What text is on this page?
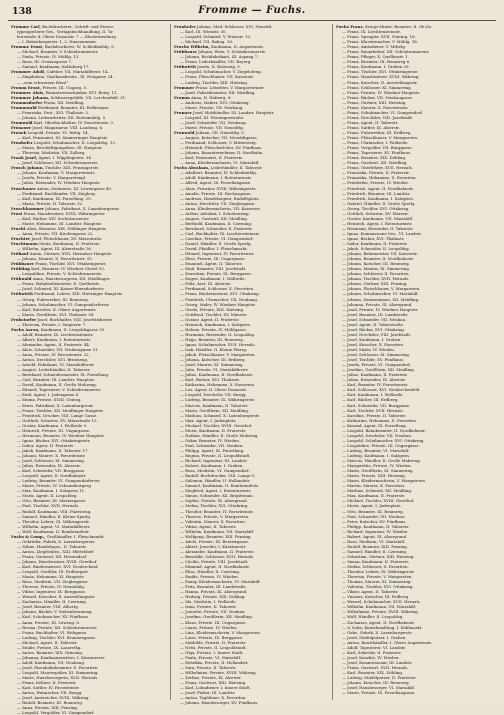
138	Fromme — Fuchs.
Fromme Carl, Buchdruckerei-, Schrift- und Stereo-
typengießerei-Ges., Verlagsbuchhandlung, II. Ta-
borstraße 4, Obere Donaustr. 7 — Klosterneuburg
— I. Babenbergerstr. 1, 2. Hausnummer
Fromme Ernst, Buchdruckerei, IV. Schleifmühlg. 9.
— Michael, Beamter, V. Schönbrunnerstr.
— Paula, Private, IV. Mühlg. 13.
— Rosa, III. Geusaugasse 7.
— Samuel, Kaufmann, Kalksburg 17.
Frommer Adolf, Cafetier, VII. Mariahilferstr. 14.
— Magdalena, Gasthausbesitz., XI. Neugasse 24.
— „zum schwarzen Rössl“.
Fromm Ernst, Private, III. Ungarg. 5.
Frommer Alois, Branntweinschänker, XVI. Reitg. 11.
Frommer Johann, Schlossergehilfe, VII. Lerchenfeld. 31.
Frommsdorfer Franz, XII. Meidling.
Frommwald Ferdinand, Beamter, III. Erdbergstr.
— Franziska, Prot., XVI. Thaliastr. 3.
— Johann, Lederarbeiter, XII. Rotenmühlg. 5.
Fromwald Karl, Oberbuchhalter, IV. Favoritenstr. 3.
Fronauer Josef, Magazineur, VIII. Laudong. 6.
Fronek Leopold, Private, VI. Webg. 14.
— Karl, Pensionist, XI. Simmeringer Hauptstr.
Fronhofer Leopold, Schuhmacher, II. Leopoldsg. 12.
— Maria, Beschäftigungslose, III. Hauptstr.
— Theresia, Modistin, VII. Zollerg.
Frank Josef, Agent, I. Wipplingerstr. 34.
— Josef, Schlosser, XII. Schönbrunnerstr.
Frosch Johann, Tischler, XIII. Penzingerstr.
— Johann, Kaufmann, V. Margaretenstr.
— Josefa, Private, V. Margaretenpl.
— Julius, Reisender, IV. Wiedner Hauptstr.
Froschauer Anton, Steinmetz, III. Löwengasse 40.
— Ferdinand, Buchbinder, VII. Zieglerg.
— Karl, Kaufmann, IX. Porzellang. 29.
— Maria, Private, II. Taborstr. 52.
Froschhammer Johann, Fabrikant, X. Laxenburgerstr.
Frost Franz, Hausbesitzer, XVIII. Währingerstr.
— Karl, Bäcker, XIV. Sechshauserstr.
— Marie, Hebamme, III. Landstr. Hauptstr.
Frucht Alois, Beamter, XIX. Döblinger Hauptstr.
— Anna, Private, VII. Kirchengasse 22.
Fruchter Josef, Fleischhauer, XV. Märzstraße.
Fruchtmann Moriz, Kaufmann, II. Praterstr.
— Wilhelm, Agent, IX. Alserstraße 16.
Frühauf Anton, Gärtner, XVII. Hernalser Hauptstr.
— Johann, Maurer, X. Favoritenstr. 93.
Frühbauer Franz, Tischler, XVI. Ottakringerstr.
Frühling Karl, Beamter, IV. Wiedner Gürtel 10.
— Leopoldine, Private, V. Schönbrunnerstr.
Frühwald Anna, Hausbesorgerin, XII. Meidlinger.
— Franz, Bahnbediensteter, X. Quellenstr.
— Josef, Schmied, XI. Kaiser-Ebersdorferstr.
Frühwirth Ferdinand, Lehrer, XIII. Hietzinger Hauptstr.
— Georg, Fuhrwerker, III. Rennweg.
— Johann, Schuhmacher, VI. Gumpendorferstr.
— Karl, Kutscher, II. Obere Augartenstr.
— Maria, Greißlerin, XVI. Thaliastr. 58.
Fruhstorfer Josef, Buchhalter, VIII. Josefstädterstr.
— Theresia, Private, I. Singerstr. 7.
Fuchs Aaron, Kaufmann, II. Leopoldsgasse 35.
— Adolf, Beamter, IX. Liechtensteinstr.
— Albert, Kaufmann, I. Rotenturmstr.
— Alexander, Agent, II. Praterstr. 44.
— Alois, Schneider, VII. Neubaugasse 31.
— Anna, Private, IV. Favoritenstr. 22.
— Anton, Drechsler, XVI. Brunneng.
— Arnold, Fabrikant, VI. Mariahilferstr.
— August, Lederhändler, II. Taborstr.
— Bernhard, Schneidermeister, IX. Porzellang.
— Carl, Beamter, III. Landstr. Hauptstr.
— David, Kaufmann, II. Große Mohreng.
— Eduard, Tapezierer, V. Schönbrunnerstr.
— Emil, Agent, I. Judengasse 4.
— Emma, Private, XVIII. Gentzg.
— Ernst, Fabrikant, X. Laxenburgerstr.
— Franz, Tischler, XII. Meidlinger Hauptstr.
— Friedrich, Drucker, VIII. Lange Gasse.
— Gottlieb, Schuster, XV. Märzstraße 12.
— Gustav, Kaufmann, I. Wollzeile 9.
— Heinrich, Private, III. Ungargasse.
— Hermann, Beamter, IV. Wiedner Hauptstr.
— Ignaz, Bäcker, XVI. Ottakringerstr.
— Isidor, Agent, II. Praterstr.
— Jakob, Kaufmann, II. Taborstr. 17.
— Johann, Maurer, X. Favoritenstr.
— Josef, Schlosser, XI. Simmering.
— Julius, Reisender, IX. Alserstr.
— Karl, Schneider, VII. Burggasse.
— Leopold, Agent, II. Nordbahnstr.
— Ludwig, Beamter, VI. Gumpendorferstr.
— Marie, Private, IV. Schaumburgerg.
— Max, Kaufmann, I. Salzgries 11.
— Moriz, Agent, II. Leopoldsg.
— Otto, Beamter, III. Marxergasse.
— Paul, Tischler, XVII. Hernals.
— Rudolf, Kaufmann, VIII. Piaristeng.
— Samuel, Händler, II. Kleine Sperlg.
— Theodor, Lehrer, IX. Währingerstr.
— Wilhelm, Agent, VI. Mariahilferstr.
— Wolf, Kaufmann, II. Rembrandtstr.
Fuchs & Comp., Großhändler, I. Fleischmarkt.
— Gebrüder, Fabrik, X. Laxenburgerstr.
— Söhne, Handelsges., II. Taborstr.
— Anton, Ziegeleibes., XIII. Hütteldorf.
— Franz, Gastwirt, XII. Hetzendorf.
— Johann, Hausbesitzer, XVIII. Gersthof.
— Karl, Bindermeister, XVI. Neulerchenf.
— Leopold, Greißler, III. Erdbergstr.
— Maria, Hebamme, XI. Hauptstr.
— Rosa, Modistin, VII. Zieglergasse.
— Therese, Private, IV. Heumühlg.
— Viktor, Ingenieur, IX. Berggasse.
— Wenzel, Kutscher, II. Ausstellungsstr.
— Zacharias, Händler, II. Czerning.
— Josef, Beamter, VIII. Albertg.
— Johann, Bäcker, V. Siebenbrunneng.
— Karl, Schuhmacher, XV. Fünfhaus.
— Anna, Private, III. Löweng. 8.
— Rosina, Private, XII. Schönbrunnerstr.
— Franz, Buchhalter, VI. Webgasse.
— Ludwig, Tischler, XVI. Brunnengasse.
— Michael, Agent, II. Taborstr.
— Emilie, Private, IX. Lazarethg.
— Anton, Beamter, XIX. Grinzing.
— Johanna, Kaufmannswitwe, I. Kärntnerstr.
— Adolf, Kaufmann, VII. Neubaug.
— Josef, Eisenbahnbeamter, X. Favoriten.
— Leopold, Maurerpolier, XI. Simmering.
— Marie, Hausbesorgerin, XVII. Hernals.
— Franz, Kellner, II. Praterstr.
— Karl, Sattler, IV. Favoritenstr.
— Anton, Hutmacher, VII. Burgg.
— Josef, Anstreicher, XVIII. Währing.
— Rudolf, Beamter, III. Rennweg.
— Anna, Private, XIII. Penzing.
— Leopold, Vergolder, VI. Gumpendorf.
Fronhofer Johann, Med.-Schlosser, XVI. Neustift.
— Karl, III. Wienstr. 30.
— Leopold, Schmied, V. Wienstr. 10.
— Michael, VII. Bahng. 18.
Fruchs Wilhelm, Kaufmann, II. Augartenstr.
Frühbauer Johann, Wien, V. Schönbrunnerstr.
— Johann, Rockfabrikant, III. Aspang 7.
— Franz, Lederhändler, VII. Bayerg.
Frühwirth Josefa, II. Rotenstg. 5.
— Leopold, Schuhmacher, V. Ziegelofeng.
— Franz, Fleischhauer, VII. Kaiserstr.
— Ludwig, Tischler, XIII. Hietzing.
Frummer Franz, Lebzelter, V. Margaretenstr.
— Josef, Polizeibeamter, XII. Meidling.
Frumm Anna, II. Hafnerg. 8.
— Andreas, Hafner, XVI. Ottakring.
— Marie, Private, VII. Neubaug.
Frunner Josef, Holzhändler, III. Landstr. Hauptstr.
— Leopold, III. Wiesingerstraße.
— Josef, Schneider, VII. Neubaug.
— Marie, Private, VII. Neustiftg.
Frunwald Johann, VII. Neustiftg. 5.
— August, Kutscher, VII. Neustiftgasse.
— Ferdinand, Schlosser, V. Mittersteig.
— Heinrich, Fleischselcher, XV. Fünfhaus.
— Johann, Bauunternehmer, II. Nordbahn.
— Karl, Pensionist, II. Praterstr.
— Anna, Kleidermacherin, VI. Mariahilf.
Fuchs Abraham, Lederhändler, II. Taborstr.
— Adalbert, Beamter, IV. Schleifmühlg.
— Adolf, Kaufmann, I. Rotenturmstr.
— Alfred, Agent, IX. Porzellangasse.
— Alois, Privatier, XVIII. Währingerstr.
— Amalie, Private, III. Rochusgasse.
— Andreas, Handelsagent, Rudolfsplatz.
— Anton, Drechsler, VII. Zieglergasse.
— Anna, Kleidermacherin, VII. Kaiserstr.
— Arthur, Advokat, I. Schottenring.
— August, Gastwirt, XII. Meidling.
— Berthold, Kaufmann, II. Czerning.
— Bernhard, Schneider, II. Praterstr.
— Carl, Buchhalter, IX. Liechtensteinstr.
— Caroline, Private, VI. Gumpendorf.
— Daniel, Händler, II. Große Sperlg.
— David, Pfaidler, I. Fleischmarkt.
— Eduard, Ingenieur, IV. Favoritenstr.
— Elise, Private, III. Ungargasse.
— Emanuel, Agent, II. Taborstr.
— Emil, Beamter, VIII. Josefstadt.
— Ernestine, Private, IX. Berggasse.
— Eugen, Kaufmann, I. Wollzeile.
— Felix, Arzt, IX. Alserstr.
— Ferdinand, Schlosser, X. Favoriten.
— Franz, Bäckermeister, XVI. Ottakring.
— Friedrich, Uhrmacher, VII. Neubaug.
— Georg, Maler, IV. Wiedner Hauptstr.
— Gisela, Private, XIII. Hietzing.
— Gottfried, Tischler, XV. Märzstr.
— Gustav, Agent, II. Praterstr.
— Heinrich, Kaufmann, I. Salzgries.
— Helene, Private, IV. Mühlgasse.
— Hermann, Reisender, II. Leopoldsg.
— Hugo, Beamter, III. Rennweg.
— Ignaz, Schuhmacher, XVII. Hernals.
— Isak, Händler, II. Kleine Pfarrg.
— Jakob, Fleischhauer, V. Margareten.
— Johann, Kutscher, III. Erdberg.
— Josef, Maurer, XI. Simmering.
— Julie, Private, VI. Mariahilferstr.
— Julius, Kaufmann, II. Nordbahnstr.
— Karl, Bäcker, XVI. Thaliastr.
— Katharina, Hebamme, X. Favoriten.
— Leo, Agent, II. Obere Donaustr.
— Leopold, Drechsler, VII. Burgg.
— Ludwig, Beamter, IX. Währingerstr.
— Marcus, Kaufmann, II. Taborstr.
— Maria, Greißlerin, XII. Meidling.
— Mathias, Schmied, X. Laxenburgerstr.
— Max, Agent, I. Judenplatz.
— Michael, Tischler, XVIII. Gersthof.
— Moriz, Kaufmann, II. Praterstr.
— Nathan, Händler, II. Große Mohreng.
— Oskar, Beamter, IV. Wieden.
— Paul, Schneider, VII. Neubau.
— Philipp, Agent, IX. Porzellang.
— Regina, Private, II. Leopoldstadt.
— Richard, Ingenieur, III. Landstr.
— Robert, Kaufmann, I. Graben.
— Rosa, Modistin, VI. Gumpendorf.
— Rudolf, Buchdrucker, VIII. Lange G.
— Salomon, Händler, II. Hollandstr.
— Samuel, Kaufmann, II. Rembrandtstr.
— Siegfried, Agent, I. Rotenturmstr.
— Simon, Schneider, XX. Brigittenau.
— Sophie, Private, IX. Alsergrund.
— Stefan, Tischler, XVI. Ottakring.
— Theodor, Beamter, IV. Favoritenstr.
— Therese, Private, V. Margareten.
— Valentin, Maurer, X. Favoriten.
— Viktor, Agent, II. Taborstr.
— Wilhelm, Kaufmann, VII. Mariahilf.
— Wolfgang, Beamter, XIII. Penzing.
— Adele, Private, III. Beatrixgasse.
— Albert, Juwelier, I. Kärntnerstr.
— Alexander, Kaufmann, II. Praterstr.
— Benedikt, Schlosser, XVII. Hernals.
— Cäcilie, Private, VIII. Josefstadt.
— Edmund, Agent, II. Nordbahnstr.
— Elias, Händler, II. Czerning.
— Emilie, Private, IV. Wieden.
— Fanny, Kleidermacherin, VI. Mariahilf.
— Fritz, Beamter, III. Landstraße.
— Hanna, Private, IX. Alsergrund.
— Hedwig, Private, XIX. Döbling.
— Ida, Modistin, I. Wollzeile.
— Irma, Private, II. Taborstr.
— Jeanette, Private, VII. Neubau.
— Josefine, Greißlerin, XII. Meidling.
— Klara, Private, III. Ungargasse.
— Laura, Private, IV. Wieden.
— Lina, Kleidermacherin, V. Margareten.
— Luise, Private, IX. Berggasse.
— Mathilde, Private, II. Praterstr.
— Netti, Private, II. Leopoldstadt.
— Olga, Private, I. Innere Stadt.
— Paula, Private, VI. Mariahilf.
— Rebekka, Private, II. Hollandstr.
— Sara, Private, II. Taborstr.
— Wilhelmine, Private, XVIII. Währing.
— Zerline, Private, IX. Alserstr.
— Franz, Gastwirt, XIII. Hietzing.
— Karl, Lohndiener, I. Innere Stadt.
— Josef, Fiaker, III. Landstr.
— Anton, Taglöhner, X. Favoriten.
— Johann, Hausbesorger, XV. Fünfhaus.
Fuchs Franz, Kriegs-Minist.-Beamter, II. Ob.Do.
— Franz, IX. Liechtensteinstr.
— Franz, Spengler, XVII. Pointng. 16.
— Franz, Klaviermacher, V. Mühlg. 18.
— Franz, Amtsdiener, V. Mittelg.
— Franz, Bauarbeiter, XII. Schönbrunnerstr.
— Franz, Pfleger, X. Quellenstr. 1.
— Franz, Beamter, III. Rennweg 6.
— Franz, Kaufmann, I. Graben 29.
— Franz, Tischler, XVI. Ottakringerstr.
— Franz, Hausbesitzer, XVIII. Währing.
— Franz, Kutscher, II. Ausstellungsstr.
— Franz, Schlosser, XI. Simmering.
— Franz, Private, IV. Wiedner Hauptstr.
— Franz, Bäcker, VII. Neubaugasse.
— Franz, Gärtner, XIII. Hietzing.
— Franz, Maurer, X. Favoritenstr.
— Franz, Schuhmacher, VI. Gumpendorf.
— Franz, Drechsler, VIII. Josefstadt.
— Franz, Agent, II. Taborstr.
— Franz, Sattler, IX. Alserstr.
— Franz, Fuhrwerker, III. Erdberg.
— Franz, Fleischhauer, V. Margareten.
— Franz, Uhrmacher, I. Wollzeile.
— Franz, Vergolder, VII. Burggasse.
— Franz, Tapezierer, XV. Fünfhaus.
— Franz, Beamter, XIX. Döbling.
— Franz, Gastwirt, XII. Meidling.
— Franz, Oberlehrer, XVII. Hernals.
— Franziska, Private, II. Praterstr.
— Franziska, Hebamme, X. Favoriten.
— Friederike, Private, IV. Wieden.
— Friedrich, Agent, II. Nordbahnstr.
— Friedrich, Beamter, III. Landstr.
— Friedrich, Kaufmann, I. Salzgries.
— Gabriel, Händler, II. Große Sperlg.
— Georg, Tischler, XVI. Ottakring.
— Gottlieb, Schuster, XV. Märzstr.
— Gustav, Kaufmann, VII. Mariahilf.
— Heinrich, Agent, I. Rotenturmstr.
— Hermann, Reisender, II. Taborstr.
— Ignaz, Kommissions-Ges., VI. Landstr.
— Ignaz, Bäcker, XVI. Thaliastr.
— Isidor, Kaufmann, II. Praterstr.
— Jakob, Schneider, II. Leopoldsg.
— Johann, Bahnmeister, VII. Kaiserstr.
— Johann, Beamter, II. Nordbahnstr.
— Johann, Kutscher, III. Rennweg.
— Johann, Maurer, XI. Simmering.
— Johann, Schlosser, X. Favoriten.
— Johann, Tischler, XVII. Hernals.
— Johann, Gärtner, XIII. Penzing.
— Johann, Fleischhauer, V. Margareten.
— Johann, Schuhmacher, VI. Mariahilf.
— Johann, Zimmermann, XII. Meidling.
— Johanna, Private, IX. Alsergrund.
— Josef, Private, IV. Wiedner Hauptstr.
— Josef, Beamter, III. Landstraße.
— Josef, Schneider, VII. Neubau.
— Josef, Agent, II. Taborstraße.
— Josef, Bäcker, XVI. Ottakring.
— Josef, Drechsler, VIII. Josefstadt.
— Josef, Kaufmann, I. Graben.
— Josef, Kutscher, X. Favoriten.
— Josef, Maler, IV. Wieden.
— Josef, Schlosser, XI. Simmering.
— Josef, Tischler, XV. Fünfhaus.
— Josefa, Private, VI. Gumpendorf.
— Josefine, Greißlerin, XII. Meidling.
— Julius, Kaufmann, II. Praterstr.
— Julius, Reisender, IX. Alserstr.
— Karl, Beamter, IV. Favoritenstr.
— Karl, Schlosser, XVI. Neulerchenfeld.
— Karl, Kaufmann, I. Wollzeile.
— Karl, Bäcker, III. Erdberg.
— Karl, Schneider, VII. Burggasse.
— Karl, Tischler, XVII. Hernals.
— Karoline, Private, II. Taborstr.
— Katharina, Hebamme, X. Favoriten.
— Konrad, Agent, IX. Porzellang.
— Leopold, Bahnbeamter, II. Nordbahnstr.
— Leopold, Drechsler, VII. Neubau.
— Leopold, Schuhmacher, XVI. Ottakring.
— Leopoldine, Private, III. Ungargasse.
— Ludwig, Beamter, VI. Mariahilf.
— Ludwig, Kaufmann, I. Salzgries.
— Marcus, Händler, II. Große Mohreng.
— Margarethe, Private, IV. Wieden.
— Maria, Greißlerin, XI. Simmering.
— Maria, Private, XIII. Hietzing.
— Marie, Kleidermacherin, V. Margareten.
— Martin, Maurer, X. Favoriten.
— Mathias, Schmied, XII. Meidling.
— Max, Kaufmann, II. Praterstr.
— Michael, Tischler, XVIII. Gersthof.
— Moriz, Agent, I. Judenplatz.
— Otto, Beamter, III. Rennweg.
— Paul, Schneider, VII. Neubau.
— Peter, Kutscher, XV. Fünfhaus.
— Philipp, Kaufmann, II. Taborstr.
— Richard, Ingenieur, IV. Wieden.
— Robert, Agent, IX. Alsergrund.
— Rosa, Modistin, VI. Mariahilf.
— Rudolf, Beamter, XIII. Penzing.
— Samuel, Händler, II. Czerning.
— Sebastian, Gärtner, XIII. Hietzing.
— Simon, Kaufmann, II. Praterstr.
— Stefan, Schlosser, X. Favoriten.
— Theodor, Lehrer, IX. Währingerstr.
— Theresia, Private, V. Margareten.
— Thomas, Maurer, XI. Simmering.
— Valentin, Tischler, XVI. Ottakring.
— Viktor, Agent, II. Taborstr.
— Vinzenz, Kutscher, III. Erdberg.
— Wenzel, Schuhmacher, XVII. Hernals.
— Wilhelm, Kaufmann, VII. Mariahilf.
— Wilhelmine, Private, XVIII. Währing.
— Wolf, Händler, II. Leopoldsg.
— Zacharias, Agent, II. Nordbahnstr.
— & Sohn, Kunsthandlung, I. Kohlmarkt.
— Gebr., Fabrik, X. Laxenburgerstr.
— Josef, Stiefelputzer, I. Graben.
— Anton, Kunsthändler, I. Obere Augartenstr.
— Adolf, Tapezierer, VI. Landstr.
— Karl, Sekretär, II. Praterstr.
— Josef, Kanzlist, IV. Wieden.
— Josef, Kommissionär, III. Landstr.
— Franz, Gastwirt, XVII. Hernals.
— Karl, Beamter, XIX. Döbling.
— Ludwig, Stiefelputzer, II. Praterstr.
— Johann, Kutscher, III. Rennweg.
— Josef, Hausbesorger, VI. Mariahilf.
— Marie, Private, IX. Porzellangasse.
